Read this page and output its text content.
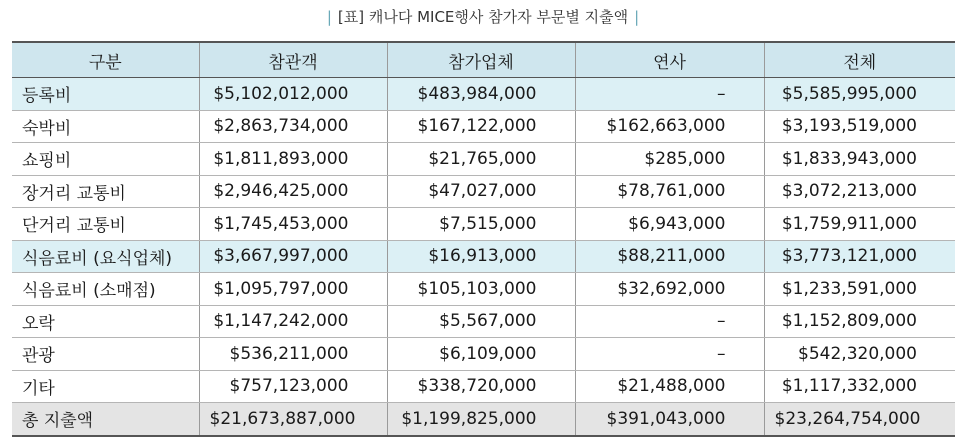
| [표] 캐나다 MICE행사 참가자 부문별 지출액 |
구분	참관객	참가업체	연사	전체
등록비	$5,102,012,000	$483,984,000	–	$5,585,995,000
숙박비	$2,863,734,000	$167,122,000	$162,663,000	$3,193,519,000
쇼핑비	$1,811,893,000	$21,765,000	$285,000	$1,833,943,000
장거리 교통비	$2,946,425,000	$47,027,000	$78,761,000	$3,072,213,000
단거리 교통비	$1,745,453,000	$7,515,000	$6,943,000	$1,759,911,000
식음료비 (요식업체)	$3,667,997,000	$16,913,000	$88,211,000	$3,773,121,000
식음료비 (소매점)	$1,095,797,000	$105,103,000	$32,692,000	$1,233,591,000
오락	$1,147,242,000	$5,567,000	–	$1,152,809,000
관광	$536,211,000	$6,109,000	–	$542,320,000
기타	$757,123,000	$338,720,000	$21,488,000	$1,117,332,000
총 지출액	$21,673,887,000	$1,199,825,000	$391,043,000	$23,264,754,000
